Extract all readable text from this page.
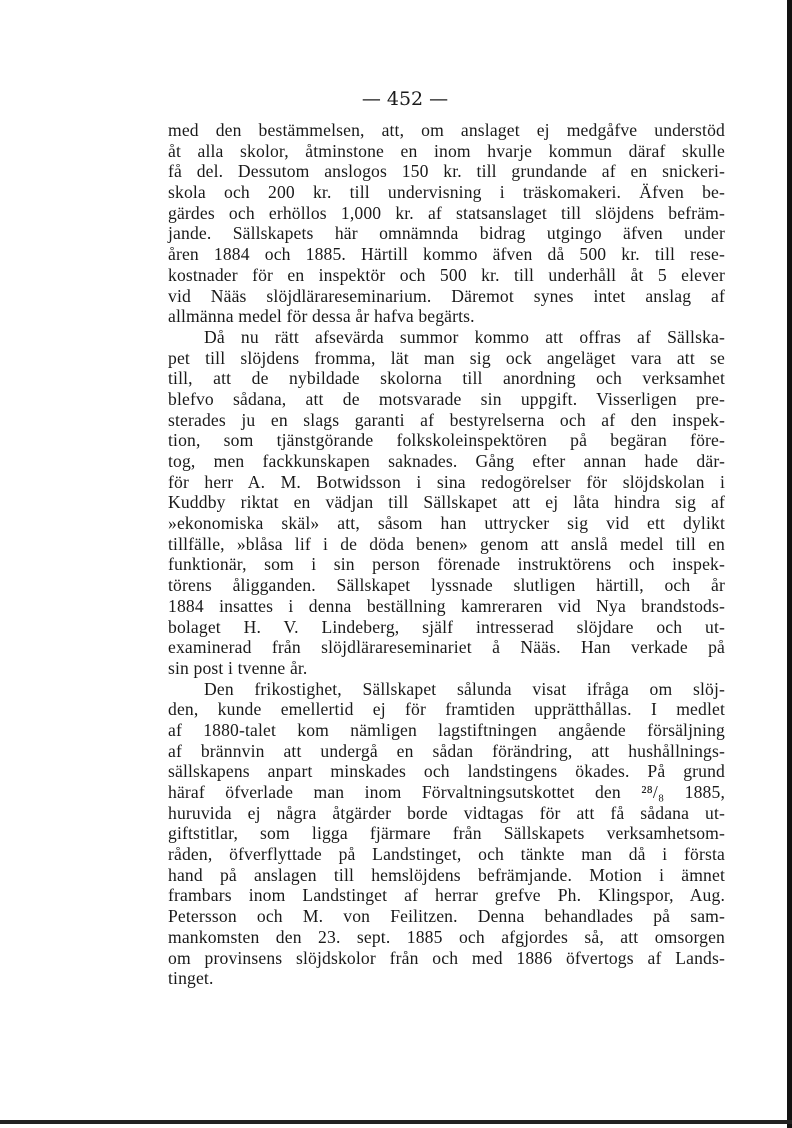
— 452 —
med den bestämmelsen, att, om anslaget ej medgåfve understöd
åt alla skolor, åtminstone en inom hvarje kommun däraf skulle
få del. Dessutom anslogos 150 kr. till grundande af en snickeri-
skola och 200 kr. till undervisning i träskomakeri. Äfven be-
gärdes och erhöllos 1,000 kr. af statsanslaget till slöjdens befräm-
jande. Sällskapets här omnämnda bidrag utgingo äfven under
åren 1884 och 1885. Härtill kommo äfven då 500 kr. till rese-
kostnader för en inspektör och 500 kr. till underhåll åt 5 elever
vid Nääs slöjdlärareseminarium. Däremot synes intet anslag af
allmänna medel för dessa år hafva begärts.
Då nu rätt afsevärda summor kommo att offras af Sällska-
pet till slöjdens fromma, lät man sig ock angeläget vara att se
till, att de nybildade skolorna till anordning och verksamhet
blefvo sådana, att de motsvarade sin uppgift. Visserligen pre-
sterades ju en slags garanti af bestyrelserna och af den inspek-
tion, som tjänstgörande folkskoleinspektören på begäran före-
tog, men fackkunskapen saknades. Gång efter annan hade där-
för herr A. M. Botwidsson i sina redogörelser för slöjdskolan i
Kuddby riktat en vädjan till Sällskapet att ej låta hindra sig af
»ekonomiska skäl» att, såsom han uttrycker sig vid ett dylikt
tillfälle, »blåsa lif i de döda benen» genom att anslå medel till en
funktionär, som i sin person förenade instruktörens och inspek-
törens åligganden. Sällskapet lyssnade slutligen härtill, och år
1884 insattes i denna beställning kamreraren vid Nya brandstods-
bolaget H. V. Lindeberg, själf intresserad slöjdare och ut-
examinerad från slöjdlärareseminariet å Nääs. Han verkade på
sin post i tvenne år.
Den frikostighet, Sällskapet sålunda visat ifråga om slöj-
den, kunde emellertid ej för framtiden upprätthållas. I medlet
af 1880-talet kom nämligen lagstiftningen angående försäljning
af brännvin att undergå en sådan förändring, att hushållnings-
sällskapens anpart minskades och landstingens ökades. På grund
häraf öfverlade man inom Förvaltningsutskottet den ²⁸/₈ 1885,
huruvida ej några åtgärder borde vidtagas för att få sådana ut-
giftstitlar, som ligga fjärmare från Sällskapets verksamhetsom-
råden, öfverflyttade på Landstinget, och tänkte man då i första
hand på anslagen till hemslöjdens befrämjande. Motion i ämnet
frambars inom Landstinget af herrar grefve Ph. Klingspor, Aug.
Petersson och M. von Feilitzen. Denna behandlades på sam-
mankomsten den 23. sept. 1885 och afgjordes så, att omsorgen
om provinsens slöjdskolor från och med 1886 öfvertogs af Lands-
tinget.
